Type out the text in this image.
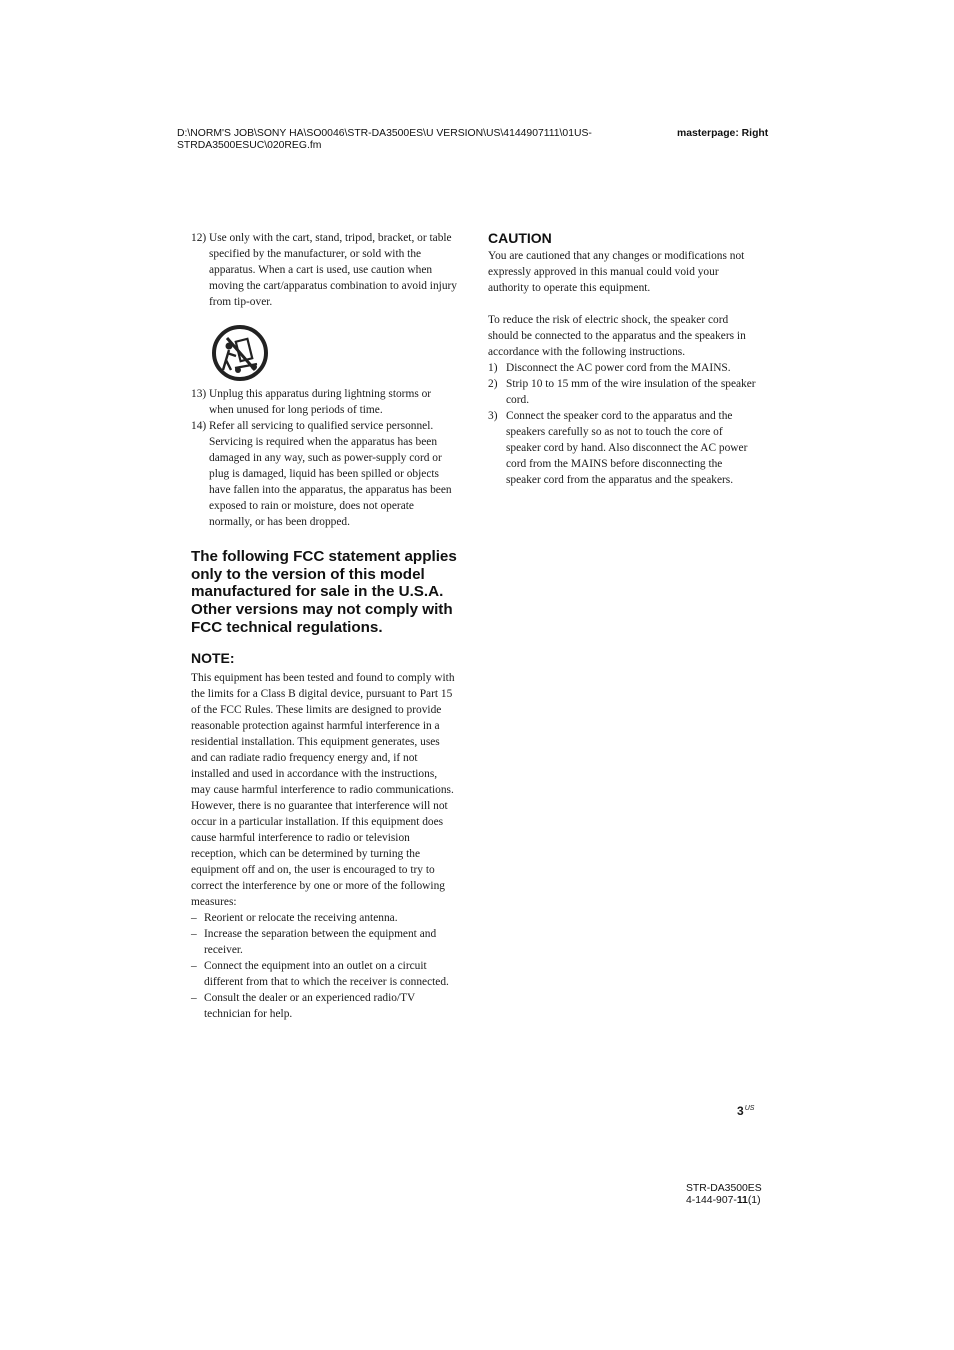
D:\NORM'S JOB\SONY HA\SO0046\STR-DA3500ES\U VERSION\US\4144907111\01US-
STRDA3500ESUC\020REG.fm
masterpage: Right
12) Use only with the cart, stand, tripod, bracket, or table specified by the manufacturer, or sold with the apparatus. When a cart is used, use caution when moving the cart/apparatus combination to avoid injury from tip-over.
13) Unplug this apparatus during lightning storms or when unused for long periods of time.
14) Refer all servicing to qualified service personnel. Servicing is required when the apparatus has been damaged in any way, such as power-supply cord or plug is damaged, liquid has been spilled or objects have fallen into the apparatus, the apparatus has been exposed to rain or moisture, does not operate normally, or has been dropped.
The following FCC statement applies only to the version of this model manufactured for sale in the U.S.A. Other versions may not comply with FCC technical regulations.
NOTE:
This equipment has been tested and found to comply with the limits for a Class B digital device, pursuant to Part 15 of the FCC Rules. These limits are designed to provide reasonable protection against harmful interference in a residential installation. This equipment generates, uses and can radiate radio frequency energy and, if not installed and used in accordance with the instructions, may cause harmful interference to radio communications. However, there is no guarantee that interference will not occur in a particular installation. If this equipment does cause harmful interference to radio or television reception, which can be determined by turning the equipment off and on, the user is encouraged to try to correct the interference by one or more of the following measures:
– Reorient or relocate the receiving antenna.
– Increase the separation between the equipment and receiver.
– Connect the equipment into an outlet on a circuit different from that to which the receiver is connected.
– Consult the dealer or an experienced radio/TV technician for help.
CAUTION
You are cautioned that any changes or modifications not expressly approved in this manual could void your authority to operate this equipment.
To reduce the risk of electric shock, the speaker cord should be connected to the apparatus and the speakers in accordance with the following instructions.
1) Disconnect the AC power cord from the MAINS.
2) Strip 10 to 15 mm of the wire insulation of the speaker cord.
3) Connect the speaker cord to the apparatus and the speakers carefully so as not to touch the core of speaker cord by hand. Also disconnect the AC power cord from the MAINS before disconnecting the speaker cord from the apparatus and the speakers.
$3^{US}$
STR-DA3500ES
4-144-907-11(1)
